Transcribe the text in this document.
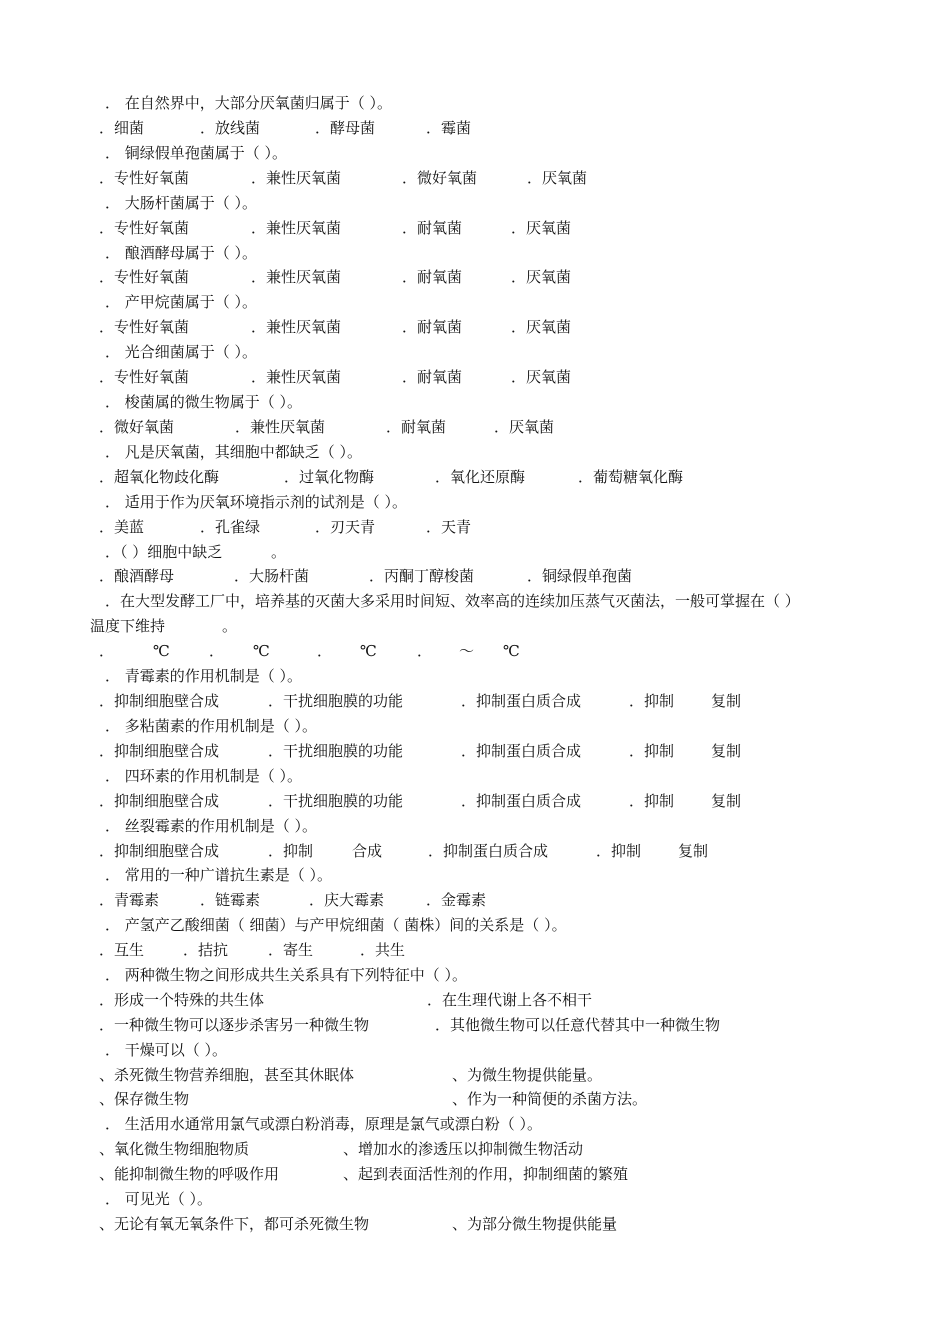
． 在自然界中，大部分厌氧菌归属于（ ）。
．细菌	．放线菌	．酵母菌	．霉菌
． 铜绿假单孢菌属于（ ）。
．专性好氧菌	．兼性厌氧菌	．微好氧菌	．厌氧菌
． 大肠杆菌属于（ ）。
．专性好氧菌	．兼性厌氧菌	．耐氧菌	．厌氧菌
． 酿酒酵母属于（ ）。
．专性好氧菌	．兼性厌氧菌	．耐氧菌	．厌氧菌
． 产甲烷菌属于（ ）。
．专性好氧菌	．兼性厌氧菌	．耐氧菌	．厌氧菌
． 光合细菌属于（ ）。
．专性好氧菌	．兼性厌氧菌	．耐氧菌	．厌氧菌
． 梭菌属的微生物属于（ ）。
．微好氧菌	．兼性厌氧菌	．耐氧菌	．厌氧菌
． 凡是厌氧菌，其细胞中都缺乏（ ）。
．超氧化物歧化酶	．过氧化物酶	．氧化还原酶	．葡萄糖氧化酶
． 适用于作为厌氧环境指示剂的试剂是（ ）。
．美蓝	．孔雀绿	．刃天青	．天青
．（ ）细胞中缺乏	。
．酿酒酵母	．大肠杆菌	．丙酮丁醇梭菌	．铜绿假单孢菌
．在大型发酵工厂中，培养基的灭菌大多采用时间短、效率高的连续加压蒸气灭菌法，一般可掌握在（ ）
温度下维持	。
．	℃	． ℃	． ℃	． ～ ℃
． 青霉素的作用机制是（ ）。
．抑制细胞壁合成	．干扰细胞膜的功能	．抑制蛋白质合成	．抑制 复制
． 多粘菌素的作用机制是（ ）。
．抑制细胞壁合成	．干扰细胞膜的功能	．抑制蛋白质合成	．抑制 复制
． 四环素的作用机制是（ ）。
．抑制细胞壁合成	．干扰细胞膜的功能	．抑制蛋白质合成	．抑制 复制
． 丝裂霉素的作用机制是（ ）。
．抑制细胞壁合成	．抑制	合成	．抑制蛋白质合成	．抑制 复制
． 常用的一种广谱抗生素是（ ）。
．青霉素	．链霉素	．庆大霉素	．金霉素
． 产氢产乙酸细菌（ 细菌）与产甲烷细菌（ 菌株）间的关系是（ ）。
．互生	．拮抗	．寄生	．共生
． 两种微生物之间形成共生关系具有下列特征中（ ）。
．形成一个特殊的共生体	．在生理代谢上各不相干
．一种微生物可以逐步杀害另一种微生物	．其他微生物可以任意代替其中一种微生物
． 干燥可以（ ）。
、杀死微生物营养细胞，甚至其休眠体	、为微生物提供能量。
、保存微生物	、作为一种简便的杀菌方法。
． 生活用水通常用氯气或漂白粉消毒，原理是氯气或漂白粉（ ）。
、氧化微生物细胞物质	、增加水的渗透压以抑制微生物活动
、能抑制微生物的呼吸作用	、起到表面活性剂的作用，抑制细菌的繁殖
． 可见光（ ）。
、无论有氧无氧条件下，都可杀死微生物	、为部分微生物提供能量
